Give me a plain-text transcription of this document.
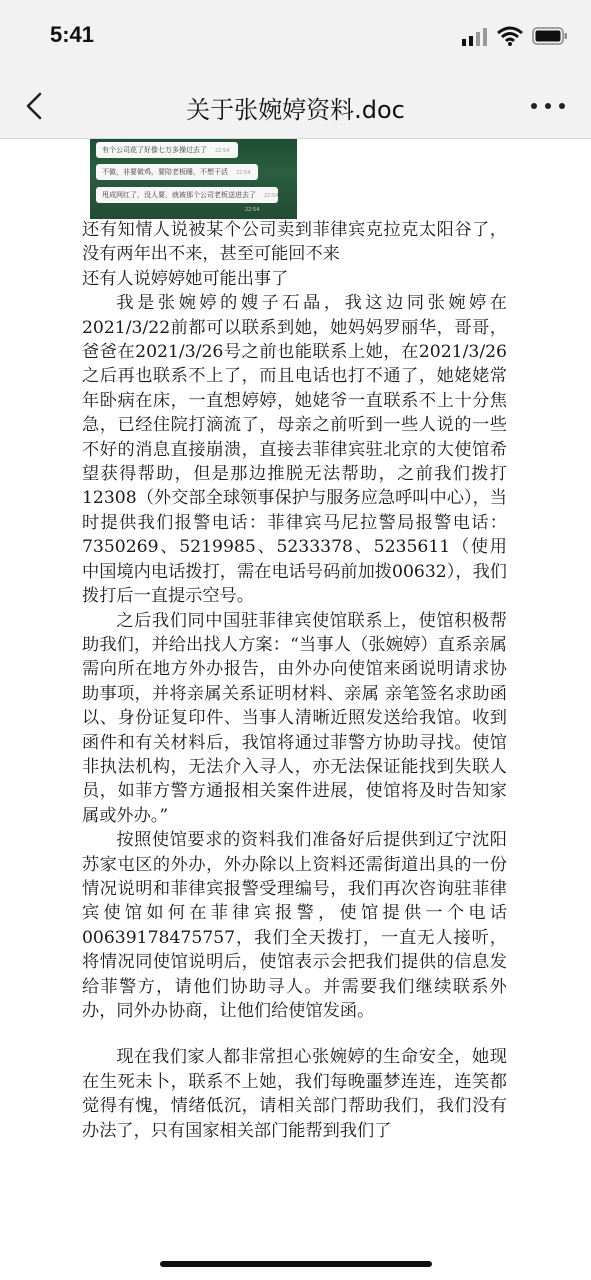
5:41
关于张婉婷资料.doc
有个公司花了好像七万多操过去了 22:54
不做，非要做鸡，要陪老板睡，不想干活 22:54
甩成网红了，没人要，就被那个公司老板送进去了 22:54
22:54

还有知情人说被某个公司卖到菲律宾克拉克太阳谷了，没有两年出不来，甚至可能回不来

还有人说婷婷她可能出事了

我是张婉婷的嫂子石晶，我这边同张婉婷在2021/3/22前都可以联系到她，她妈妈罗丽华，哥哥，爸爸在2021/3/26号之前也能联系上她，在2021/3/26之后再也联系不上了，而且电话也打不通了，她姥姥常年卧病在床，一直想婷婷，她姥爷一直联系不上十分焦急，已经住院打滴流了，母亲之前听到一些人说的一些不好的消息直接崩溃，直接去菲律宾驻北京的大使馆希望获得帮助，但是那边推脱无法帮助，之前我们拨打12308（外交部全球领事保护与服务应急呼叫中心），当时提供我们报警电话：菲律宾马尼拉警局报警电话：7350269、5219985、5233378、5235611（使用中国境内电话拨打，需在电话号码前加拨00632），我们拨打后一直提示空号。

之后我们同中国驻菲律宾使馆联系上，使馆积极帮助我们，并给出找人方案：“当事人（张婉婷）直系亲属需向所在地方外办报告，由外办向使馆来函说明请求协助事项，并将亲属关系证明材料、亲属 亲笔签名求助函以、身份证复印件、当事人清晰近照发送给我馆。收到函件和有关材料后，我馆将通过菲警方协助寻找。使馆非执法机构，无法介入寻人，亦无法保证能找到失联人员，如菲方警方通报相关案件进展，使馆将及时告知家属或外办。”

按照使馆要求的资料我们准备好后提供到辽宁沈阳苏家屯区的外办，外办除以上资料还需街道出具的一份情况说明和菲律宾报警受理编号，我们再次咨询驻菲律宾使馆如何在菲律宾报警，使馆提供一个电话00639178475757，我们全天拨打，一直无人接听，将情况同使馆说明后，使馆表示会把我们提供的信息发给菲警方，请他们协助寻人。并需要我们继续联系外办，同外办协商，让他们给使馆发函。

现在我们家人都非常担心张婉婷的生命安全，她现在生死未卜，联系不上她，我们每晚噩梦连连，连笑都觉得有愧，情绪低沉，请相关部门帮助我们，我们没有办法了，只有国家相关部门能帮到我们了
